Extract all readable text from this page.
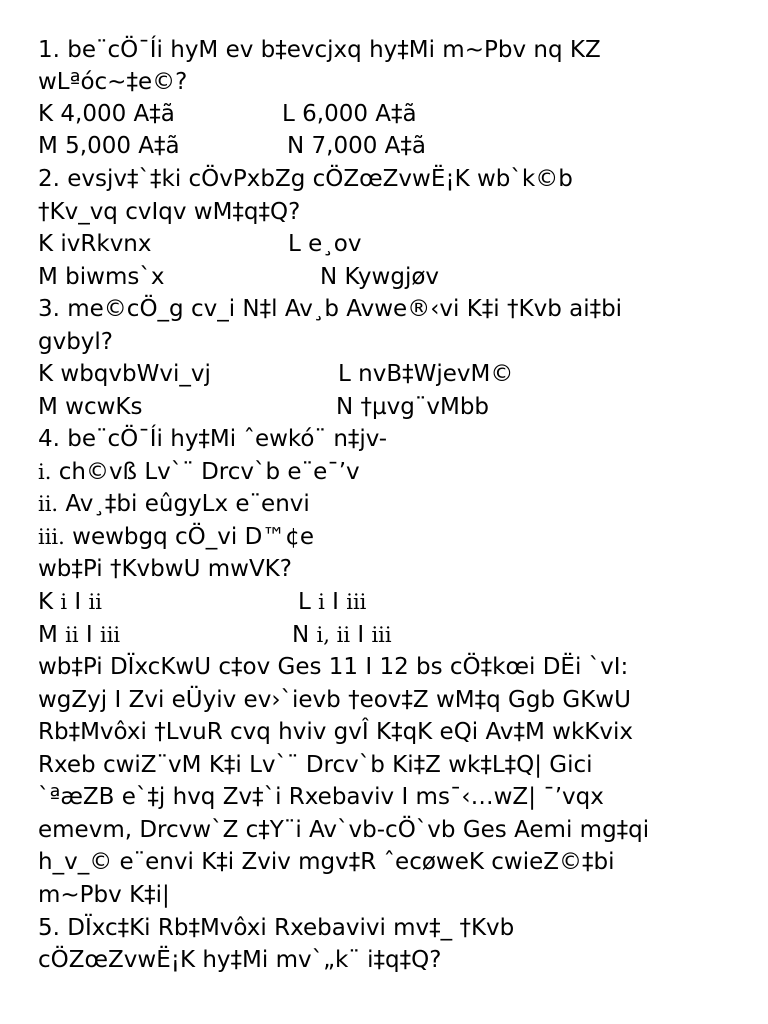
1. be¨cÖ¯Íi hyM ev b‡evcjxq hy‡Mi m~Pbv nq KZ
wLªóc~‡e©?
K 4,000 A‡ã	L 6,000 A‡ã
M 5,000 A‡ã	N 7,000 A‡ã
2. evsjv‡`‡ki cÖvPxbZg cÖZœZvwË¡K wb`k©b
†Kv_vq cvIqv wM‡q‡Q?
K ivRkvnx	L e¸ov
M biwms`x	N Kywgjøv
3. me©cÖ_g cv_i N‡l Av¸b Avwe®‹vi K‡i †Kvb ai‡bi
gvbyl?
K wbqvbWvi_vj	L nvB‡WjevM©
M wcwKs	N †µvg¨vMbb
4. be¨cÖ¯Íi hy‡Mi ˆewkó¨ n‡jv-
i. ch©vß Lv`¨ Drcv`b e¨e¯’v
ii. Av¸‡bi eûgyLx e¨envi
iii. wewbgq cÖ_vi D™¢e
wb‡Pi †KvbwU mwVK?
K i I ii	L i I iii
M ii I iii	N i, ii I iii
wb‡Pi DÏxcKwU c‡ov Ges 11 I 12 bs cÖ‡kœi DËi `vI:
wgZyj I Zvi eÜyiv ev›`ievb †eov‡Z wM‡q Ggb GKwU
Rb‡Mvôxi †LvuR cvq hviv gvÎ K‡qK eQi Av‡M wkKvix
Rxeb cwiZ¨vM K‡i Lv`¨ Drcv`b Ki‡Z wk‡L‡Q| Gici
`ªæZB e`‡j hvq Zv‡`i Rxebaviv I ms¯‹…wZ| ¯’vqx
emevm, Drcvw`Z c‡Y¨i Av`vb-cÖ`vb Ges Aemi mg‡qi
h_v_© e¨envi K‡i Zviv mgv‡R ˆecøweK cwieZ©‡bi
m~Pbv K‡i|
5. DÏxc‡Ki Rb‡Mvôxi Rxebavivi mv‡_ †Kvb
cÖZœZvwË¡K hy‡Mi mv`„k¨ i‡q‡Q?
